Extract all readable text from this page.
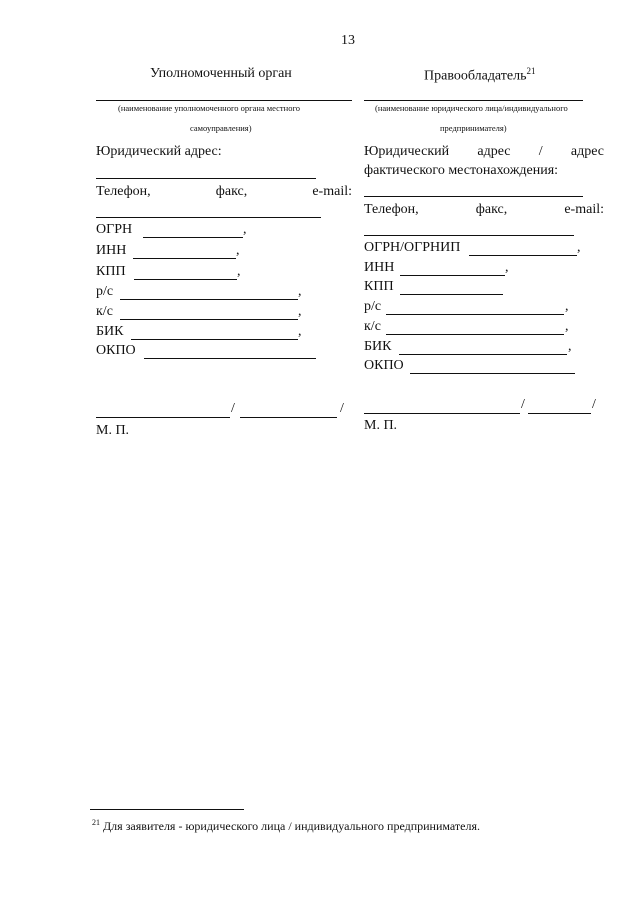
13
Уполномоченный орган
(наименование уполномоченного органа местного
самоуправления)
Юридический адрес:
Телефон,	факс,	e-mail:
ОГРН	,
ИНН	,
КПП	,
р/с	,
к/с	,
БИК	,
ОКПО
/	/
М. П.
Правообладатель$^{21}$
(наименование юридического лица/индивидуального
предпринимателя)
Юридический адрес / адрес
фактического местонахождения:
Телефон,	факс,	e-mail:
ОГРН/ОГРНИП	,
ИНН	,
КПП
р/с	,
к/с	,
БИК	,
ОКПО
/	/
М. П.
$^{21}$ Для заявителя - юридического лица / индивидуального предпринимателя.
